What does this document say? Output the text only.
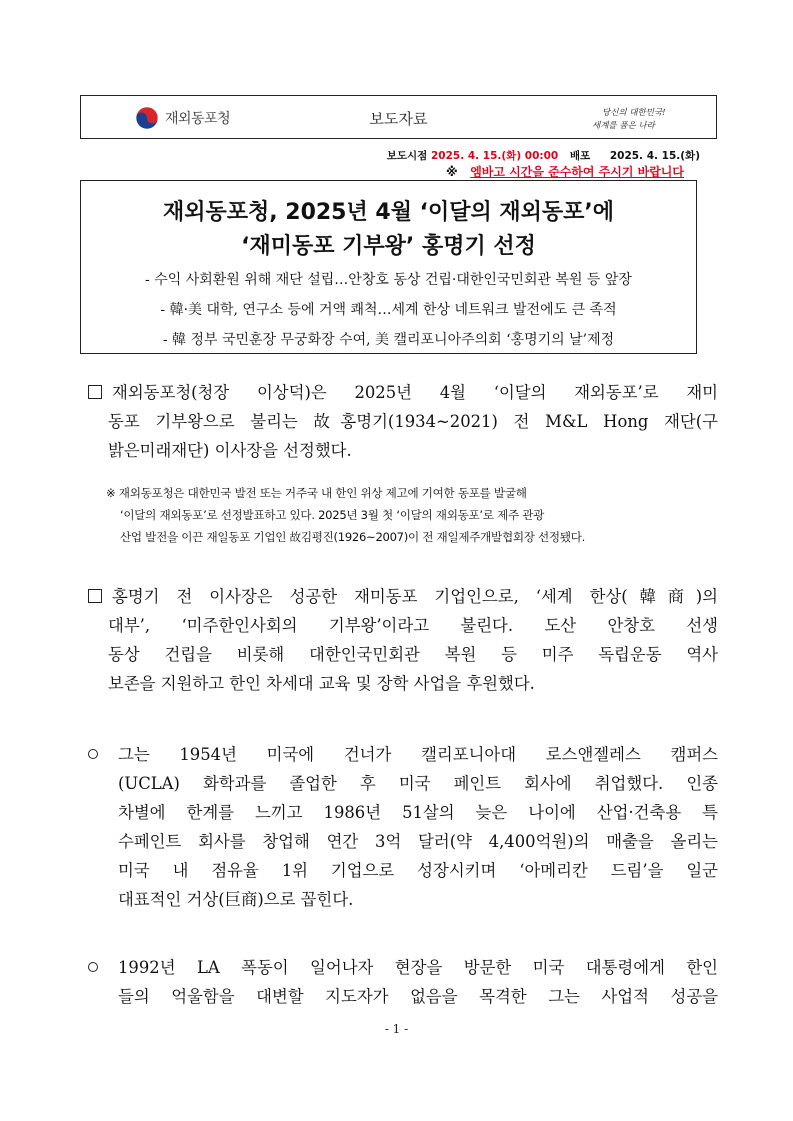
재외동포청	보도자료	당신의 대한민국!
세계를 품은 나라
보도시점 2025. 4. 15.(화) 00:00 배포 2025. 4. 15.(화)
※ 엠바고 시간을 준수하여 주시기 바랍니다
재외동포청, 2025년 4월 ‘이달의 재외동포’에
‘재미동포 기부왕’ 홍명기 선정
- 수익 사회환원 위해 재단 설립…안창호 동상 건립·대한인국민회관 복원 등 앞장
- 韓·美 대학, 연구소 등에 거액 쾌척…세계 한상 네트워크 발전에도 큰 족적
- 韓 정부 국민훈장 무궁화장 수여, 美 캘리포니아주의회 ‘홍명기의 날’제정
재외동포청(청장 이상덕)은 2025년 4월 ‘이달의 재외동포’로 재미
동포 기부왕으로 불리는 故홍명기(1934~2021) 전 M&L Hong 재단(구
밝은미래재단) 이사장을 선정했다.
※ 재외동포청은 대한민국 발전 또는 거주국 내 한인 위상 제고에 기여한 동포를 발굴해
‘이달의 재외동포’로 선정발표하고 있다. 2025년 3월 첫 ‘이달의 재외동포’로 제주 관광
산업 발전을 이끈 재일동포 기업인 故김평진(1926~2007)이 전 재일제주개발협회장 선정됐다.
홍명기 전 이사장은 성공한 재미동포 기업인으로, ‘세계 한상(韓商)의
대부’, ‘미주한인사회의 기부왕’이라고 불린다. 도산 안창호 선생
동상 건립을 비롯해 대한인국민회관 복원 등 미주 독립운동 역사
보존을 지원하고 한인 차세대 교육 및 장학 사업을 후원했다.
그는 1954년 미국에 건너가 캘리포니아대 로스앤젤레스 캠퍼스
(UCLA) 화학과를 졸업한 후 미국 페인트 회사에 취업했다. 인종
차별에 한계를 느끼고 1986년 51살의 늦은 나이에 산업·건축용 특
수페인트 회사를 창업해 연간 3억 달러(약 4,400억원)의 매출을 올리는
미국 내 점유율 1위 기업으로 성장시키며 ‘아메리칸 드림’을 일군
대표적인 거상(巨商)으로 꼽힌다.
1992년 LA 폭동이 일어나자 현장을 방문한 미국 대통령에게 한인
들의 억울함을 대변할 지도자가 없음을 목격한 그는 사업적 성공을
- 1 -
